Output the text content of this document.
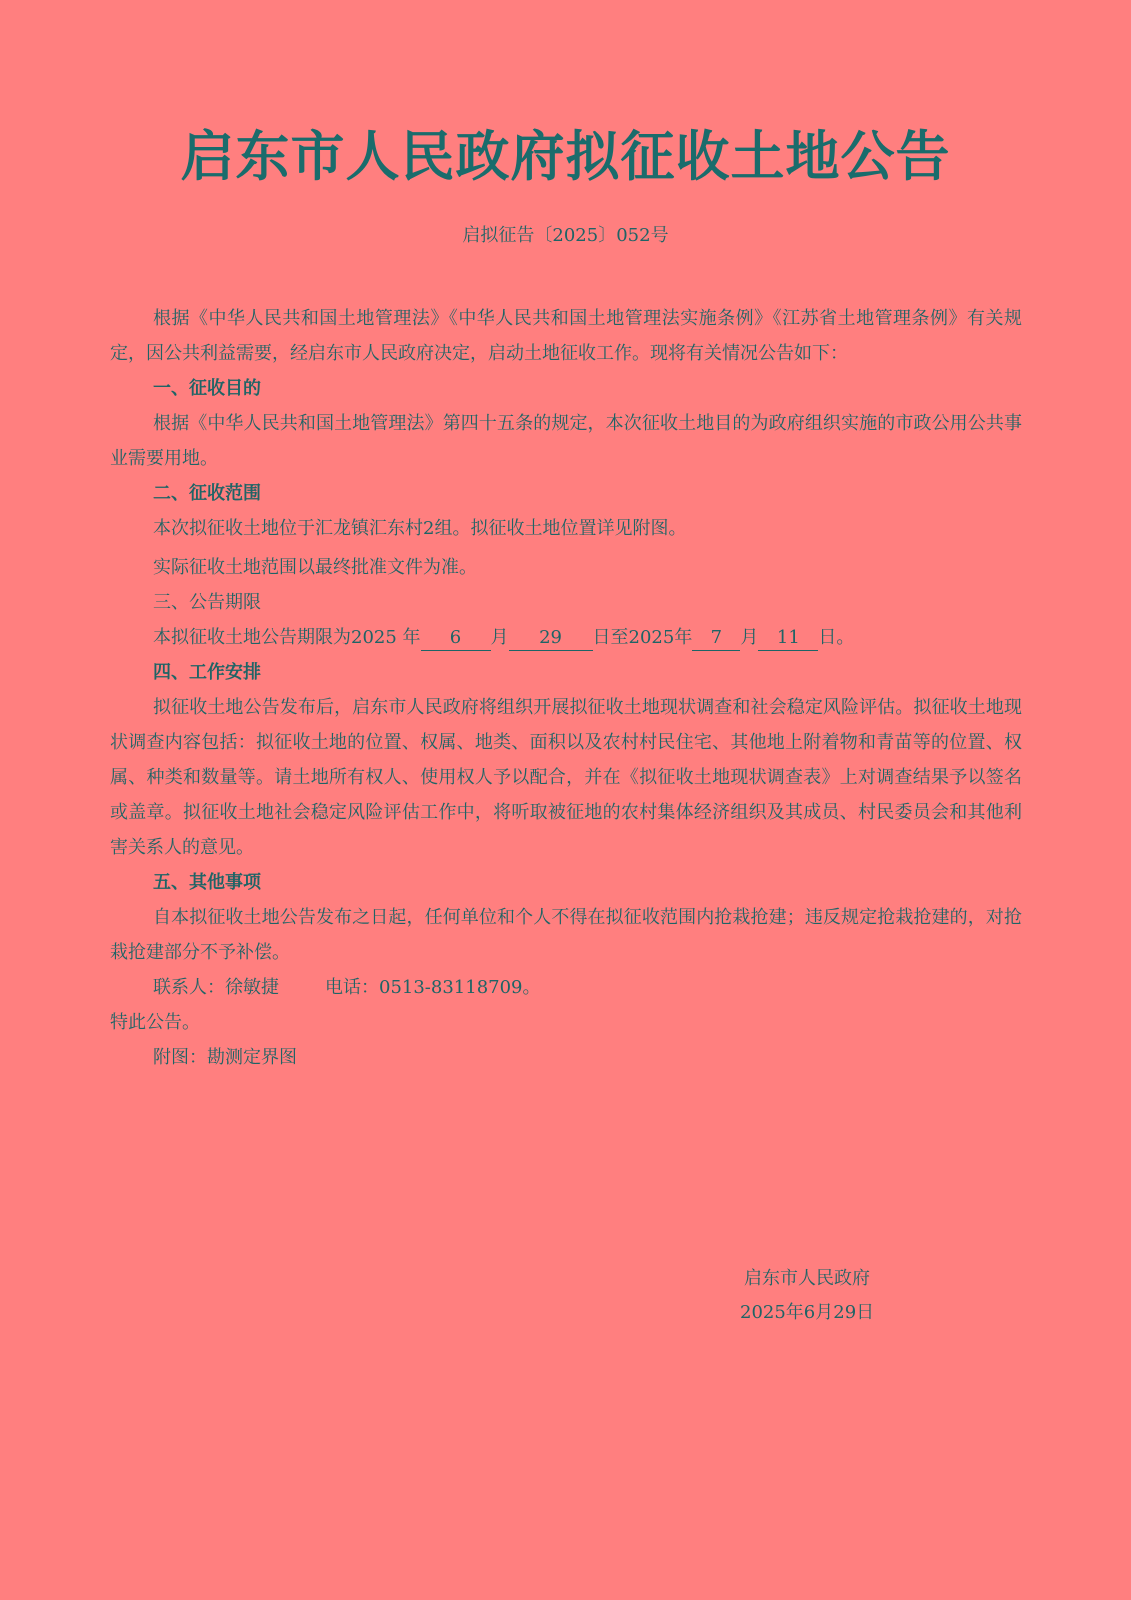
启东市人民政府拟征收土地公告
启拟征告〔2025〕052号

根据《中华人民共和国土地管理法》《中华人民共和国土地管理法实施条例》《江苏省土地管理条例》有关规定，因公共利益需要，经启东市人民政府决定，启动土地征收工作。现将有关情况公告如下：

一、征收目的

根据《中华人民共和国土地管理法》第四十五条的规定，本次征收土地目的为政府组织实施的市政公用公共事业需要用地。

二、征收范围

本次拟征收土地位于汇龙镇汇东村2组。拟征收土地位置详见附图。

实际征收土地范围以最终批准文件为准。

三、公告期限

本拟征收土地公告期限为2025 年 6 月 29 日至2025年 7 月 11 日。

四、工作安排

拟征收土地公告发布后，启东市人民政府将组织开展拟征收土地现状调查和社会稳定风险评估。拟征收土地现状调查内容包括：拟征收土地的位置、权属、地类、面积以及农村村民住宅、其他地上附着物和青苗等的位置、权属、种类和数量等。请土地所有权人、使用权人予以配合，并在《拟征收土地现状调查表》上对调查结果予以签名或盖章。拟征收土地社会稳定风险评估工作中，将听取被征地的农村集体经济组织及其成员、村民委员会和其他利害关系人的意见。

五、其他事项

自本拟征收土地公告发布之日起，任何单位和个人不得在拟征收范围内抢栽抢建；违反规定抢栽抢建的，对抢栽抢建部分不予补偿。

联系人：徐敏捷	电话：0513-83118709。

特此公告。

附图：勘测定界图

启东市人民政府
2025年6月29日
